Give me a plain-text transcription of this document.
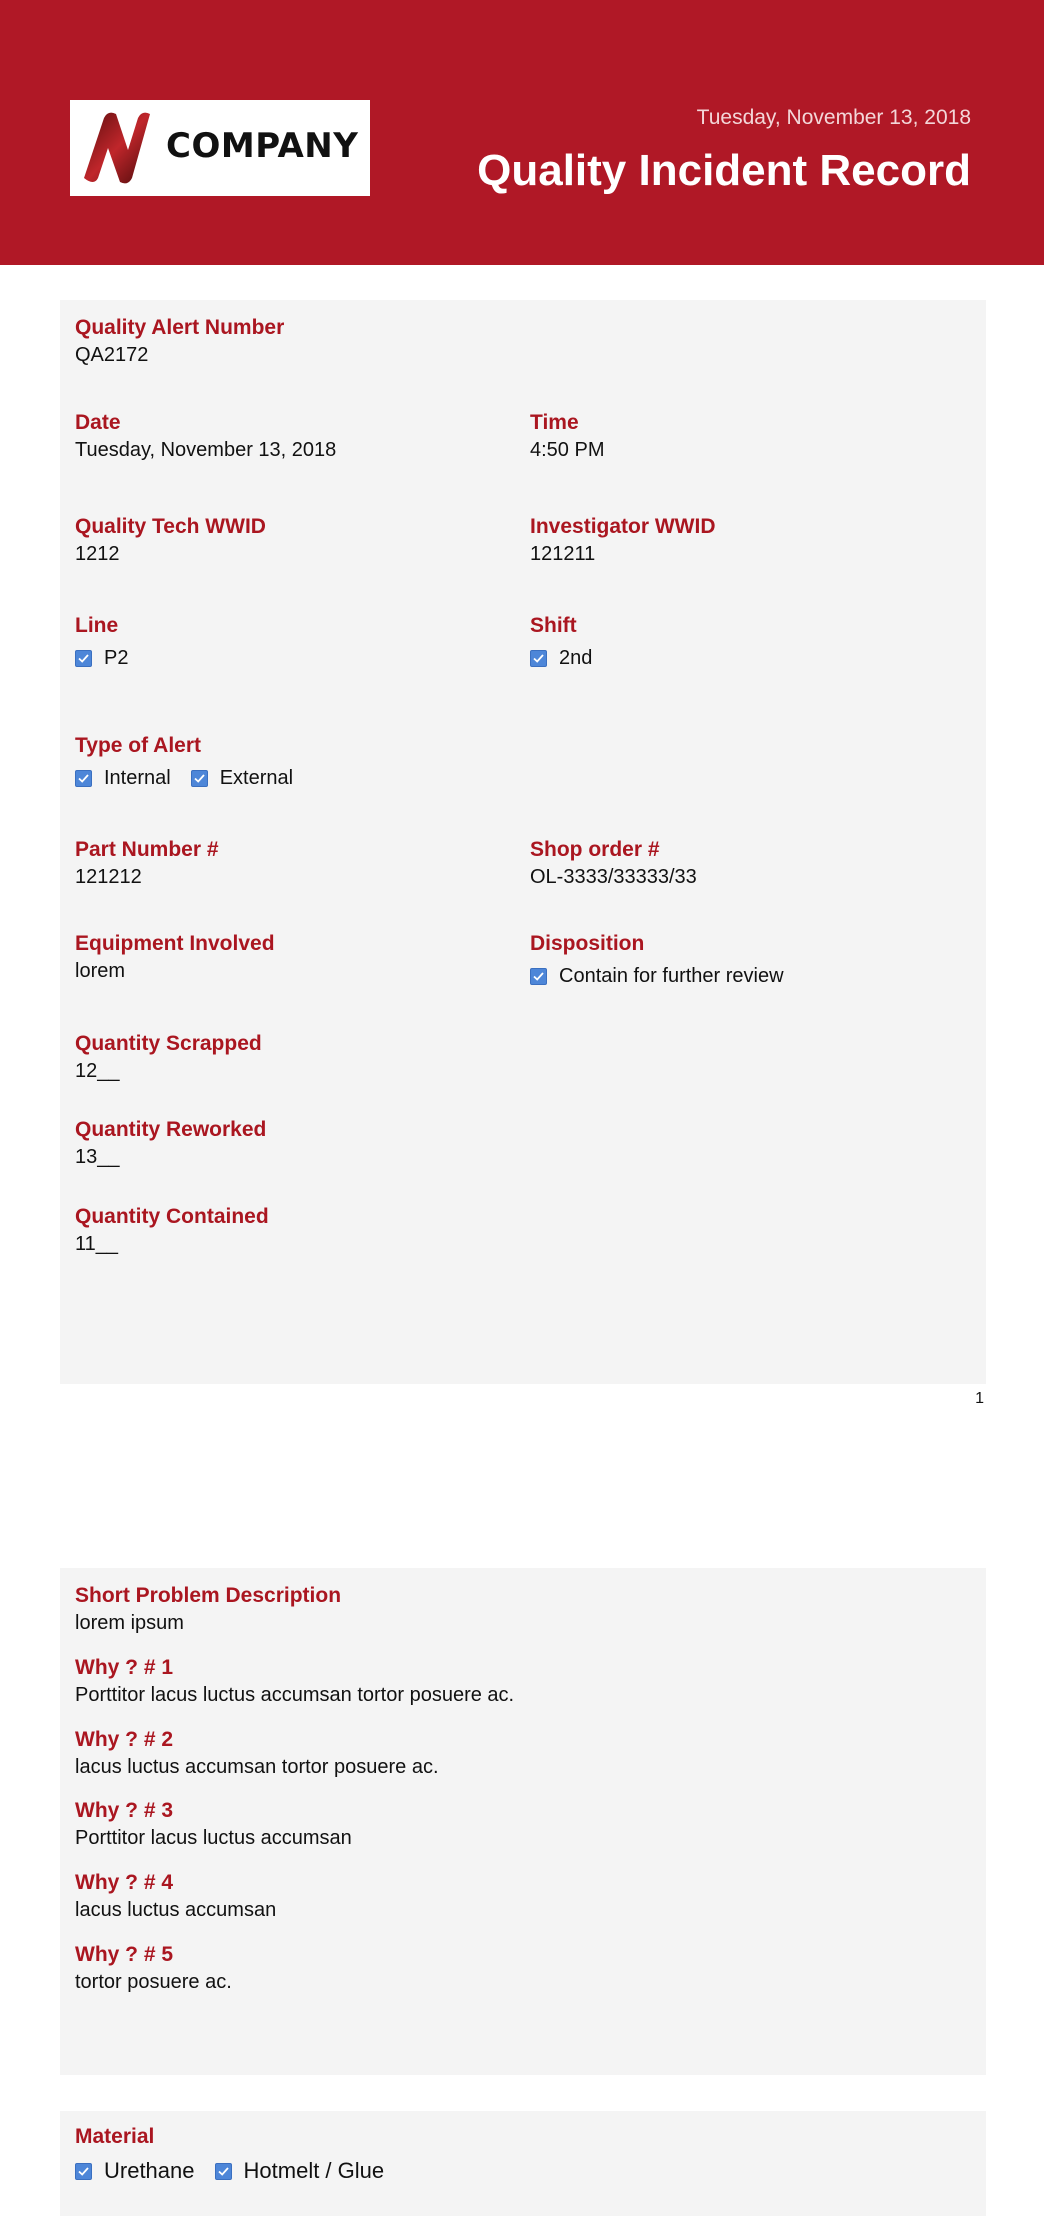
COMPANY
Tuesday, November 13, 2018
Quality Incident Record
Quality Alert Number
QA2172
Date
Tuesday, November 13, 2018
Time
4:50 PM
Quality Tech WWID
1212
Investigator WWID
121211
Line
P2
Shift
2nd
Type of Alert
Internal External
Part Number #
121212
Shop order #
OL-3333/33333/33
Equipment Involved
lorem
Disposition
Contain for further review
Quantity Scrapped
12__
Quantity Reworked
13__
Quantity Contained
11__
1
Short Problem Description
lorem ipsum
Why ? # 1
Porttitor lacus luctus accumsan tortor posuere ac.
Why ? # 2
lacus luctus accumsan tortor posuere ac.
Why ? # 3
Porttitor lacus luctus accumsan
Why ? # 4
lacus luctus accumsan
Why ? # 5
tortor posuere ac.
Material
Urethane Hotmelt / Glue
